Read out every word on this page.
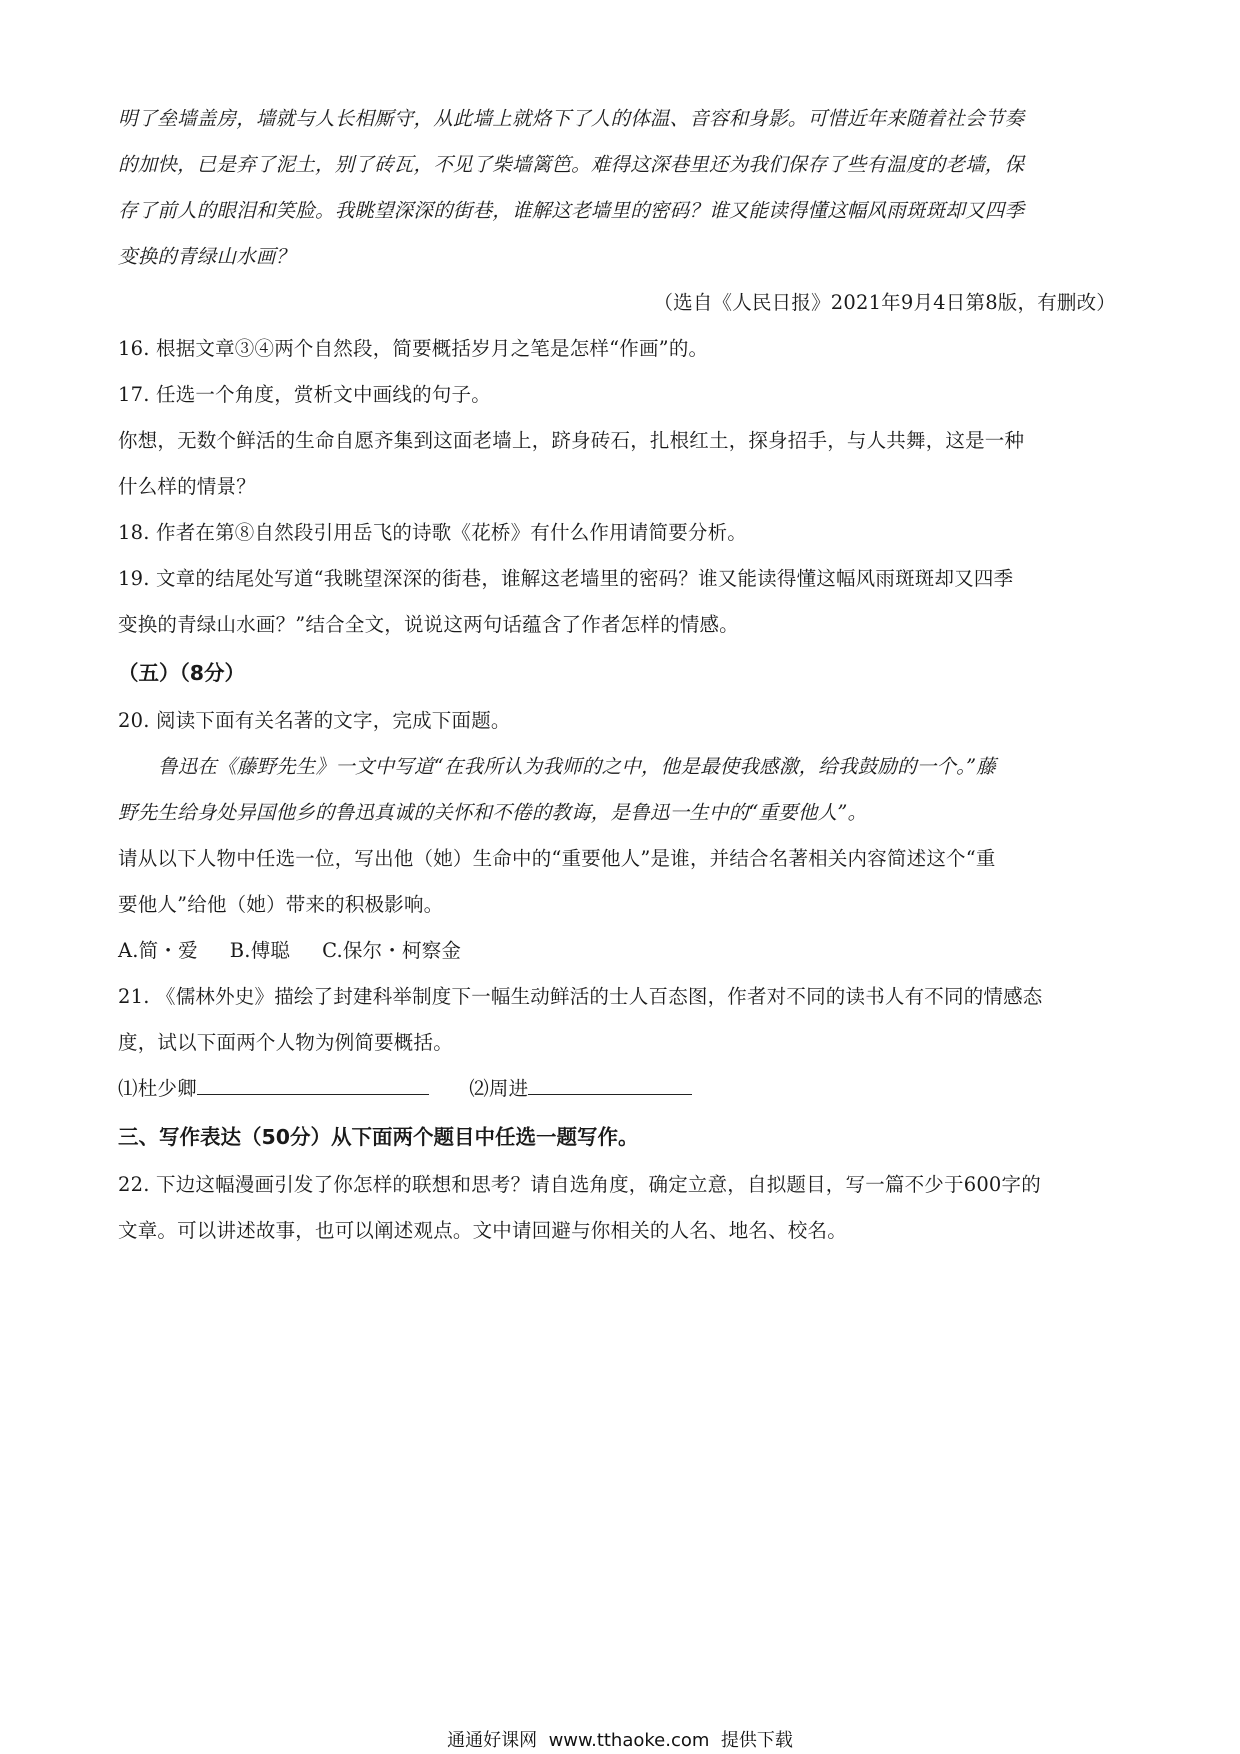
明了垒墙盖房，墙就与人长相厮守，从此墙上就烙下了人的体温、音容和身影。可惜近年来随着社会节奏

的加快，已是弃了泥土，别了砖瓦，不见了柴墙篱笆。难得这深巷里还为我们保存了些有温度的老墙，保

存了前人的眼泪和笑脸。我眺望深深的街巷，谁解这老墙里的密码？谁又能读得懂这幅风雨斑斑却又四季

变换的青绿山水画？

（选自《人民日报》2021年9月4日第8版，有删改）

16. 根据文章③④两个自然段，简要概括岁月之笔是怎样“作画”的。

17. 任选一个角度，赏析文中画线的句子。

你想，无数个鲜活的生命自愿齐集到这面老墙上，跻身砖石，扎根红土，探身招手，与人共舞，这是一种

什么样的情景？

18. 作者在第⑧自然段引用岳飞的诗歌《花桥》有什么作用请简要分析。

19. 文章的结尾处写道“我眺望深深的街巷，谁解这老墙里的密码？谁又能读得懂这幅风雨斑斑却又四季

变换的青绿山水画？”结合全文，说说这两句话蕴含了作者怎样的情感。

（五）（8分）

20. 阅读下面有关名著的文字，完成下面题。

鲁迅在《藤野先生》一文中写道“在我所认为我师的之中，他是最使我感激，给我鼓励的一个。”藤

野先生给身处异国他乡的鲁迅真诚的关怀和不倦的教诲，是鲁迅一生中的“重要他人”。

请从以下人物中任选一位，写出他（她）生命中的“重要他人”是谁，并结合名著相关内容简述这个“重

要他人”给他（她）带来的积极影响。

A.简・爱     B.傅聪     C.保尔・柯察金

21. 《儒林外史》描绘了封建科举制度下一幅生动鲜活的士人百态图，作者对不同的读书人有不同的情感态

度，试以下面两个人物为例简要概括。

⑴杜少卿	⑵周进

三、写作表达（50分）从下面两个题目中任选一题写作。

22. 下边这幅漫画引发了你怎样的联想和思考？请自选角度，确定立意，自拟题目，写一篇不少于600字的

文章。可以讲述故事，也可以阐述观点。文中请回避与你相关的人名、地名、校名。

通通好课网  www.tthaoke.com  提供下载
